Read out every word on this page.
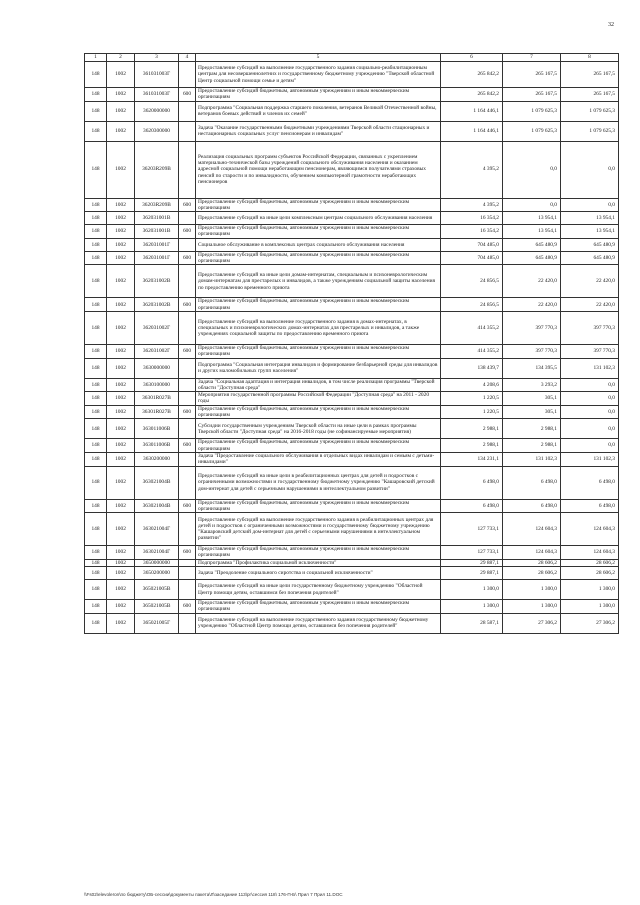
32
1	2	3	4	5	6	7	8
148	1002	361031003Г		Предоставление субсидий на выполнение государственного задания социально-реабилитационным центрам для несовершеннолетних и государственному бюджетному учреждению "Тверской областной Центр социальной помощи семье и детям"	265 842,2	265 167,5	265 167,5
148	1002	361031003Г	600	Предоставление субсидий бюджетным, автономным учреждениям и иным некоммерческим организациям	265 842,2	265 167,5	265 167,5
148	1002	3620000000		Подпрограмма "Социальная поддержка старшего поколения, ветеранов Великой Отечественной войны, ветеранов боевых действий и членов их семей"	1 164 446,1	1 079 625,3	1 079 625,3
148	1002	3620300000		Задача "Оказание государственными бюджетными учреждениями Тверской области стационарных и нестационарных социальных услуг пенсионерам и инвалидам"	1 164 446,1	1 079 625,3	1 079 625,3
148	1002	36203R209В		Реализация социальных программ субъектов Российской Федерации, связанных с укреплением материально-технической базы учреждений социального обслуживания населения и оказанием адресной социальной помощи неработающим пенсионерам, являющимся получателями страховых пенсий по старости и по инвалидности, обучением компьютерной грамотности неработающих пенсионеров	4 395,2	0,0	0,0
148	1002	36203R209В	600	Предоставление субсидий бюджетным, автономным учреждениям и иным некоммерческим организациям	4 395,2	0,0	0,0
148	1002	362031001В		Предоставление субсидий на иные цели комплексным центрам социального обслуживания населения	16 354,2	13 954,1	13 954,1
148	1002	362031001В	600	Предоставление субсидий бюджетным, автономным учреждениям и иным некоммерческим организациям	16 354,2	13 954,1	13 954,1
148	1002	362031001Г		Социальное обслуживание в комплексных центрах социального обслуживания населения	704 485,0	645 480,9	645 480,9
148	1002	362031001Г	600	Предоставление субсидий бюджетным, автономным учреждениям и иным некоммерческим организациям	704 485,0	645 480,9	645 480,9
148	1002	362031002В		Предоставление субсидий на иные цели домам-интернатам, специальным и психоневрологическим домам-интернатам для престарелых и инвалидов, а также учреждениям социальной защиты населения по предоставлению временного приюта	24 856,5	22 420,0	22 420,0
148	1002	362031002В	600	Предоставление субсидий бюджетным, автономным учреждениям и иным некоммерческим организациям	24 856,5	22 420,0	22 420,0
148	1002	362031002Г		Предоставление субсидий на выполнение государственного задания в домах-интернатах, в специальных и психоневрологических домах-интернатах для престарелых и инвалидов, а также учреждениях социальной защиты по предоставлению временного приюта	414 355,2	397 770,3	397 770,3
148	1002	362031002Г	600	Предоставление субсидий бюджетным, автономным учреждениям и иным некоммерческим организациям	414 355,2	397 770,3	397 770,3
148	1002	3630000000		Подпрограмма "Социальная интеграция инвалидов и формирование безбарьерной среды для инвалидов и других маломобильных групп населения"	138 439,7	134 395,5	131 102,3
148	1002	3630100000		Задача "Социальная адаптация и интеграция инвалидов, в том числе реализация программы "Тверской области "Доступная среда"	4 208,6	3 293,2	0,0
148	1002	36301R027В		Мероприятия государственной программы Российской Федерации "Доступная среда" на 2011 - 2020 годы	1 220,5	305,1	0,0
148	1002	36301R027В	600	Предоставление субсидий бюджетным, автономным учреждениям и иным некоммерческим организациям	1 220,5	305,1	0,0
148	1002	363011006В		Субсидии государственным учреждениям Тверской области на иные цели в рамках программы Тверской области "Доступная среда" на 2016-2018 годы (не софинансируемые мероприятия)	2 988,1	2 988,1	0,0
148	1002	363011006В	600	Предоставление субсидий бюджетным, автономным учреждениям и иным некоммерческим организациям	2 988,1	2 988,1	0,0
148	1002	3630200000		Задача "Предоставление социального обслуживания в отдельных видах инвалидам и семьям с детьми-инвалидами"	134 231,1	131 102,3	131 102,3
148	1002	363021004В		Предоставление субсидий на иные цели в реабилитационных центрах для детей и подростков с ограниченными возможностями и государственному бюджетному учреждению "Кашаровский детский дом-интернат для детей с серьезными нарушениями в интеллектуальном развитии"	6 498,0	6 498,0	6 498,0
148	1002	363021004В	600	Предоставление субсидий бюджетным, автономным учреждениям и иным некоммерческим организациям	6 498,0	6 498,0	6 498,0
148	1002	363021004Г		Предоставление субсидий на выполнение государственного задания в реабилитационных центрах для детей и подростков с ограниченными возможностями и государственному бюджетному учреждению "Кашаровский детский дом-интернат для детей с серьезными нарушениями в интеллектуальном развитии"	127 733,1	124 604,3	124 604,3
148	1002	363021004Г	600	Предоставление субсидий бюджетным, автономным учреждениям и иным некоммерческим организациям	127 733,1	124 604,3	124 604,3
148	1002	3650000000		Подпрограмма "Профилактика социальной исключенности"	29 887,1	28 606,2	28 606,2
148	1002	3650200000		Задача "Преодоление социального сиротства и социальной исключенности"	29 887,1	28 606,2	28 606,2
148	1002	365021005В		Предоставление субсидий на иные цели государственному бюджетному учреждению "Областной Центр помощи детям, оставшимся без попечения родителей"	1 300,0	1 300,0	1 300,0
148	1002	365021005В	600	Предоставление субсидий бюджетным, автономным учреждениям и иным некоммерческим организациям	1 300,0	1 300,0	1 300,0
148	1002	365021005Г		Предоставление субсидий на выполнение государственного задания государственному бюджетному учреждению "Областной Центр помощи детям, оставшимся без попечения родителей"	28 587,1	27 306,2	27 306,2
\\Fs02\elevoleron\по бюджету\ОБ-сессии\документы пакета\Л\заседание 113\рг\сессия 118\ 176-П-Б\ Прил 7 Прил 11.DOC
